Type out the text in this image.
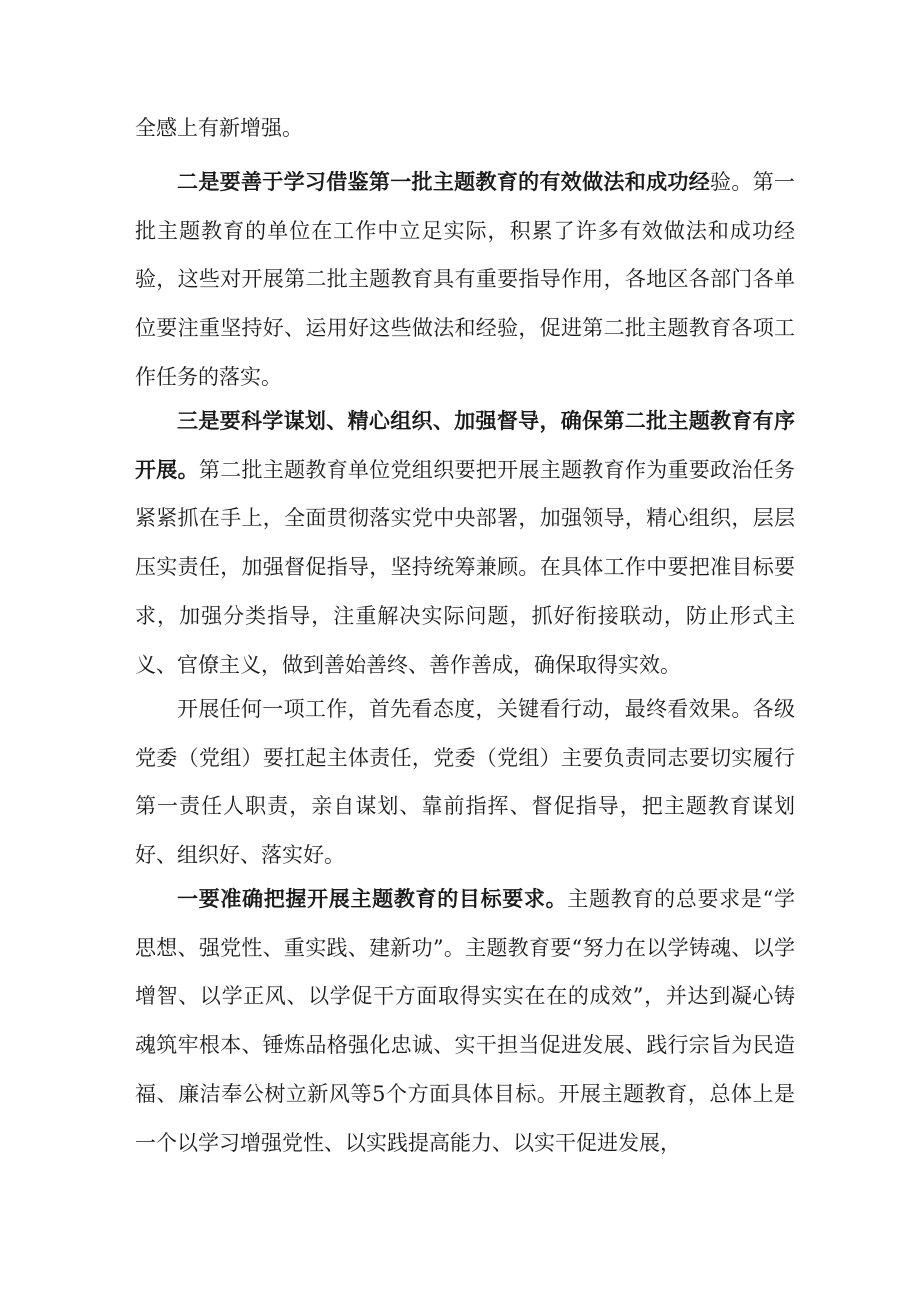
全感上有新增强。

二是要善于学习借鉴第一批主题教育的有效做法和成功经验。第一批主题教育的单位在工作中立足实际，积累了许多有效做法和成功经验，这些对开展第二批主题教育具有重要指导作用，各地区各部门各单位要注重坚持好、运用好这些做法和经验，促进第二批主题教育各项工作任务的落实。

三是要科学谋划、精心组织、加强督导，确保第二批主题教育有序开展。第二批主题教育单位党组织要把开展主题教育作为重要政治任务紧紧抓在手上，全面贯彻落实党中央部署，加强领导，精心组织，层层压实责任，加强督促指导，坚持统筹兼顾。在具体工作中要把准目标要求，加强分类指导，注重解决实际问题，抓好衔接联动，防止形式主义、官僚主义，做到善始善终、善作善成，确保取得实效。

开展任何一项工作，首先看态度，关键看行动，最终看效果。各级党委（党组）要扛起主体责任，党委（党组）主要负责同志要切实履行第一责任人职责，亲自谋划、靠前指挥、督促指导，把主题教育谋划好、组织好、落实好。

一要准确把握开展主题教育的目标要求。主题教育的总要求是“学思想、强党性、重实践、建新功”。主题教育要“努力在以学铸魂、以学增智、以学正风、以学促干方面取得实实在在的成效”，并达到凝心铸魂筑牢根本、锤炼品格强化忠诚、实干担当促进发展、践行宗旨为民造福、廉洁奉公树立新风等5个方面具体目标。开展主题教育，总体上是一个以学习增强党性、以实践提高能力、以实干促进发展，
